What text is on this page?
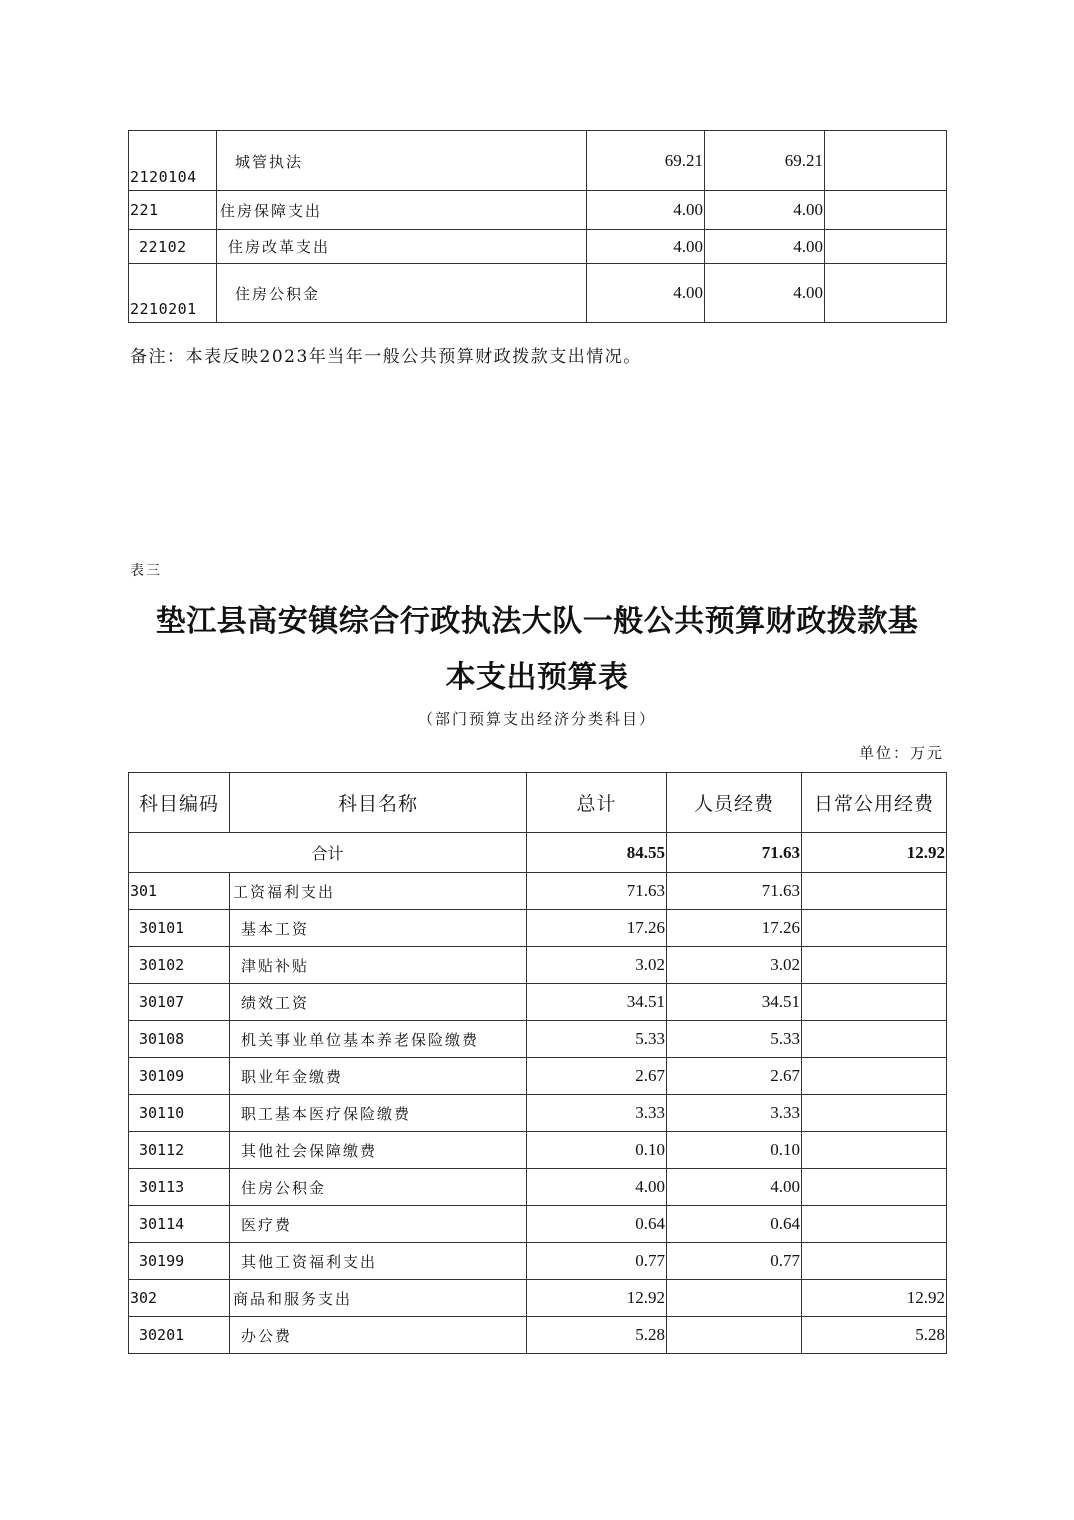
2120104	城管执法	69.21	69.21	
221	住房保障支出	4.00	4.00	
22102	住房改革支出	4.00	4.00	
2210201	住房公积金	4.00	4.00	
备注：本表反映2023年当年一般公共预算财政拨款支出情况。
表三
垫江县高安镇综合行政执法大队一般公共预算财政拨款基
本支出预算表
（部门预算支出经济分类科目）
单位：万元
科目编码	科目名称	总计	人员经费	日常公用经费
合计		84.55	71.63	12.92
301	工资福利支出	71.63	71.63	
30101	基本工资	17.26	17.26	
30102	津贴补贴	3.02	3.02	
30107	绩效工资	34.51	34.51	
30108	机关事业单位基本养老保险缴费	5.33	5.33	
30109	职业年金缴费	2.67	2.67	
30110	职工基本医疗保险缴费	3.33	3.33	
30112	其他社会保障缴费	0.10	0.10	
30113	住房公积金	4.00	4.00	
30114	医疗费	0.64	0.64	
30199	其他工资福利支出	0.77	0.77	
302	商品和服务支出	12.92		12.92
30201	办公费	5.28		5.28
